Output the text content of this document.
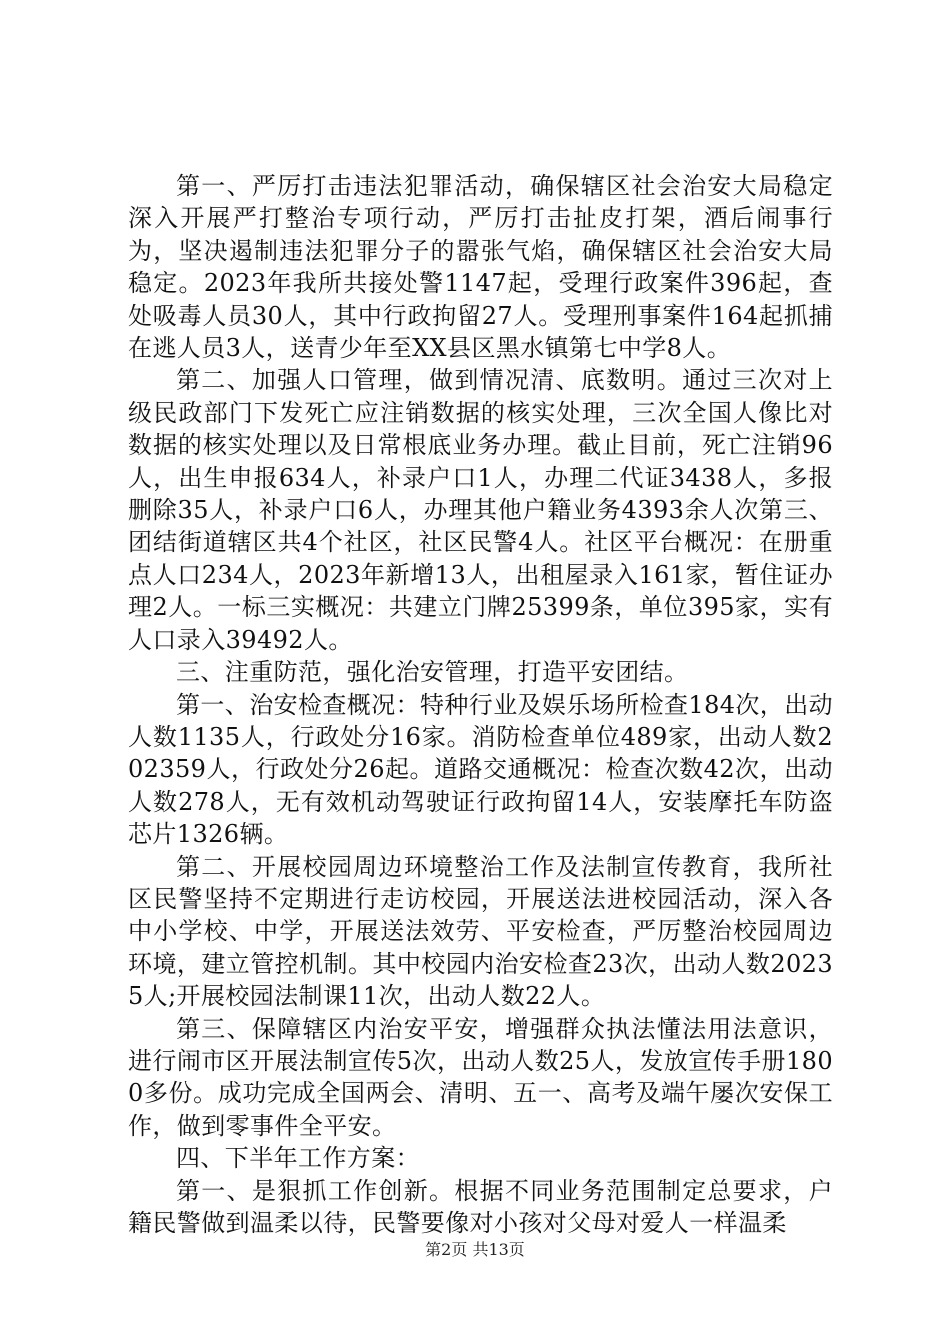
第一、严厉打击违法犯罪活动，确保辖区社会治安大局稳定深入开展严打整治专项行动，严厉打击扯皮打架，酒后闹事行为，坚决遏制违法犯罪分子的嚣张气焰，确保辖区社会治安大局稳定。2023年我所共接处警1147起，受理行政案件396起，查处吸毒人员30人，其中行政拘留27人。受理刑事案件164起抓捕在逃人员3人，送青少年至XX县区黑水镇第七中学8人。

第二、加强人口管理，做到情况清、底数明。通过三次对上级民政部门下发死亡应注销数据的核实处理，三次全国人像比对数据的核实处理以及日常根底业务办理。截止目前，死亡注销96人，出生申报634人，补录户口1人，办理二代证3438人，多报删除35人，补录户口6人，办理其他户籍业务4393余人次第三、团结街道辖区共4个社区，社区民警4人。社区平台概况：在册重点人口234人，2023年新增13人，出租屋录入161家，暂住证办理2人。一标三实概况：共建立门牌25399条，单位395家，实有人口录入39492人。

三、注重防范，强化治安管理，打造平安团结。

第一、治安检查概况：特种行业及娱乐场所检查184次，出动人数1135人，行政处分16家。消防检查单位489家，出动人数202359人，行政处分26起。道路交通概况：检查次数42次，出动人数278人，无有效机动驾驶证行政拘留14人，安装摩托车防盗芯片1326辆。

第二、开展校园周边环境整治工作及法制宣传教育，我所社区民警坚持不定期进行走访校园，开展送法进校园活动，深入各中小学校、中学，开展送法效劳、平安检查，严厉整治校园周边环境，建立管控机制。其中校园内治安检查23次，出动人数20235人;开展校园法制课11次，出动人数22人。

第三、保障辖区内治安平安，增强群众执法懂法用法意识，进行闹市区开展法制宣传5次，出动人数25人，发放宣传手册1800多份。成功完成全国两会、清明、五一、高考及端午屡次安保工作，做到零事件全平安。

四、下半年工作方案：

第一、是狠抓工作创新。根据不同业务范围制定总要求，户籍民警做到温柔以待，民警要像对小孩对父母对爱人一样温柔

第2页 共13页
